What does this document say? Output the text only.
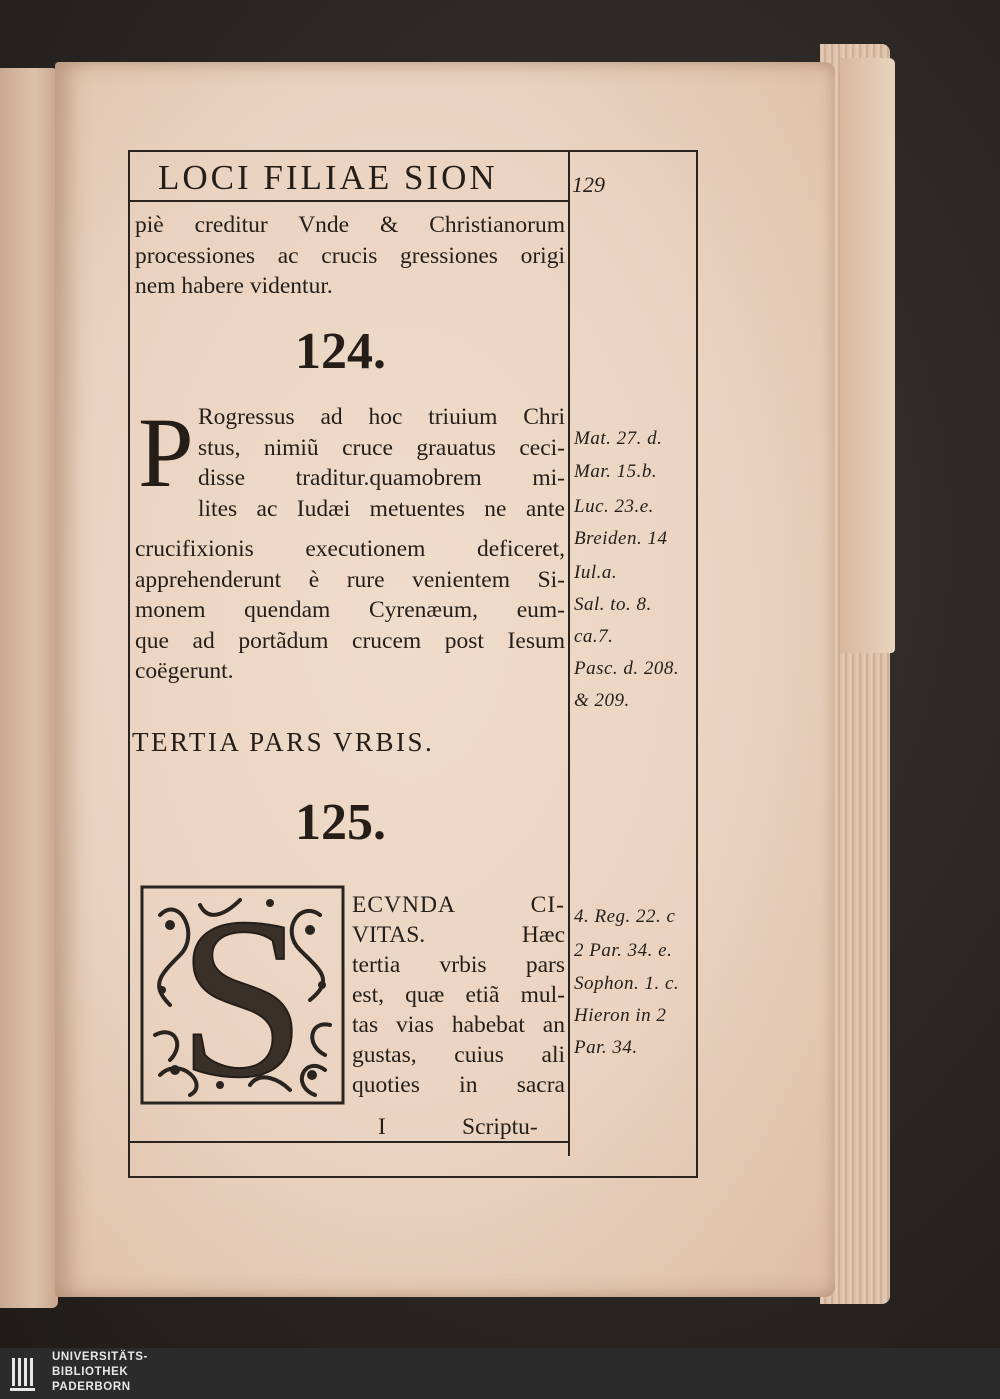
LOCI FILIAE SION	129
piè creditur Vnde & Christianorum
processiones ac crucis gressiones origi
nem habere videntur.
124.
P Rogressus ad hoc triuium Chri
stus, nimiũ cruce grauatus ceci-
disse traditur.quamobrem mi-
lites ac Iudæi metuentes ne ante
crucifixionis executionem deficeret,
apprehenderunt è rure venientem Si-
monem quendam Cyrenæum, eum-
que ad portãdum crucem post Iesum
coëgerunt.
Mat. 27. d.
Mar. 15.b.
Luc. 23.e.
Breiden. 14
Iul.a.
Sal. to. 8.
ca.7.
Pasc. d. 208.
& 209.
TERTIA PARS VRBIS.
125.
S ECVNDA CI-
VITAS. Hæc
tertia vrbis pars
est, quæ etiã mul-
tas vias habebat an
gustas, cuius ali
quoties in sacra
I	Scriptu-
4. Reg. 22. c
2 Par. 34. e.
Sophon. 1. c.
Hieron in 2
Par. 34.
UNIVERSITÄTS-
BIBLIOTHEK
PADERBORN
